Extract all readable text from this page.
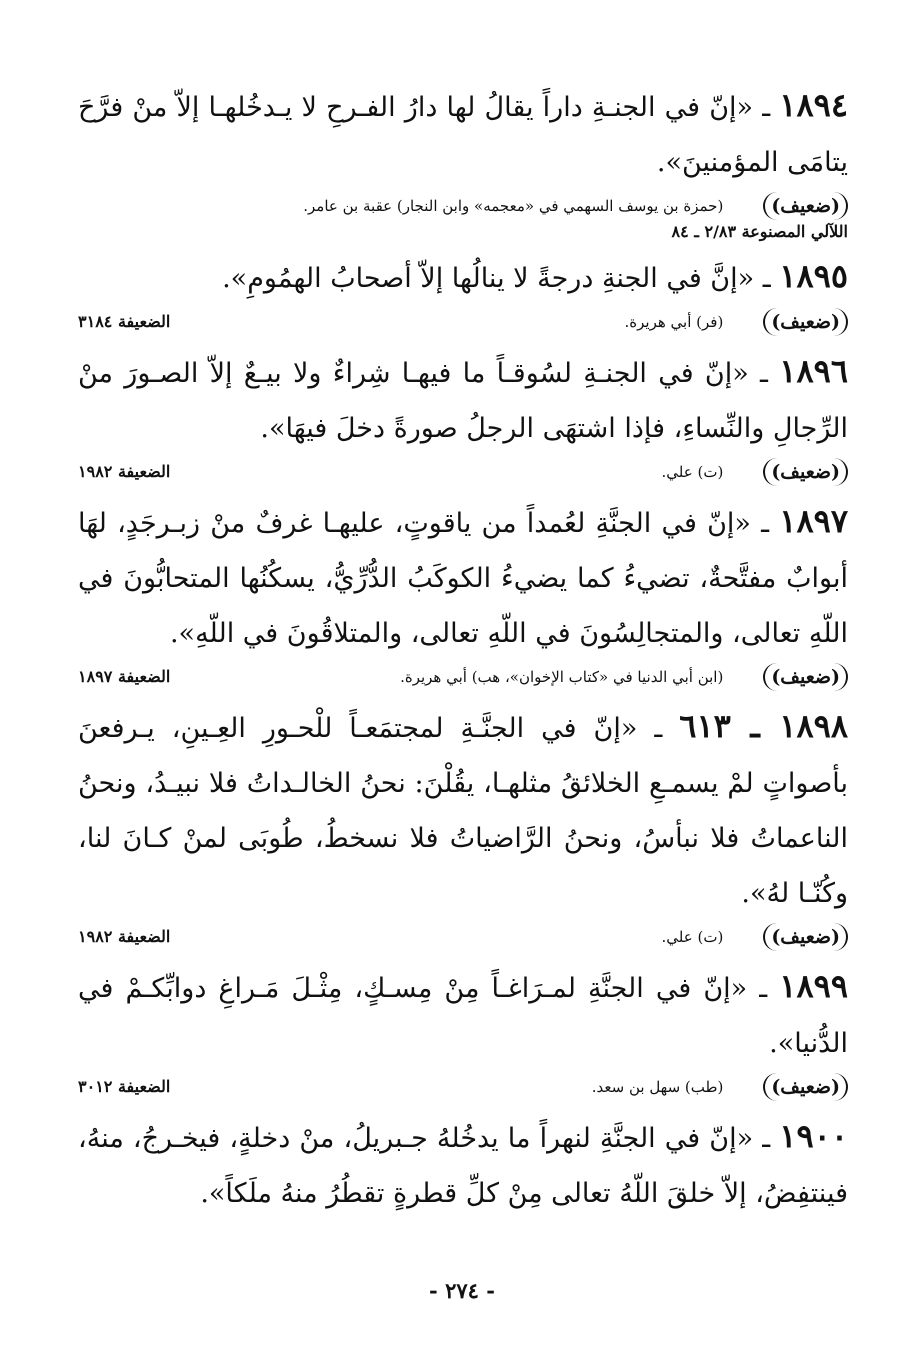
١٨٩٤ ـ «إنّ في الجنـةِ داراً يقالُ لها دارُ الفـرحِ لا يـدخُلهـا إلاّ منْ فرَّحَ يتامَى المؤمنينَ».

(ضعيف)
(حمزة بن يوسف السهمي في «معجمه» وابن النجار) عقبة بن عامر.
اللآلي المصنوعة ٢/٨٣ ـ ٨٤

١٨٩٥ ـ «إنَّ في الجنةِ درجةً لا ينالُها إلاّ أصحابُ الهمُومِ».

(ضعيف)
(فر) أبي هريرة.
الضعيفة ٣١٨٤

١٨٩٦ ـ «إنّ في الجنـةِ لسُوقـاً ما فيهـا شِراءٌ ولا بيـعٌ إلاّ الصـورَ منْ الرِّجالِ والنِّساءِ، فإذا اشتهَى الرجلُ صورةً دخلَ فيهَا».

(ضعيف)
(ت) علي.
الضعيفة ١٩٨٢

١٨٩٧ ـ «إنّ في الجنَّةِ لعُمداً من ياقوتٍ، عليهـا غرفٌ منْ زبـرجَدٍ، لهَا أبوابٌ مفتَّحةٌ، تضيءُ كما يضيءُ الكوكَبُ الدُّرِّيُّ، يسكُنُها المتحابُّونَ في اللّهِ تعالى، والمتجالِسُونَ في اللّهِ تعالى، والمتلاقُونَ في اللّهِ».

(ضعيف)
(ابن أبي الدنيا في «كتاب الإخوان»، هب) أبي هريرة.
الضعيفة ١٨٩٧

١٨٩٨ ـ ٦١٣ ـ «إنّ في الجنَّـةِ لمجتمَعـاً للْحـورِ العِـينِ، يـرفعنَ بأصواتٍ لمْ يسمـعِ الخلائقُ مثلهـا، يقُلْنَ: نحنُ الخالـداتُ فلا نبيـدُ، ونحنُ الناعماتُ فلا نبأسُ، ونحنُ الرَّاضياتُ فلا نسخطُ، طُوبَى لمنْ كـانَ لنا، وكُنّـا لهُ».

(ضعيف)
(ت) علي.
الضعيفة ١٩٨٢

١٨٩٩ ـ «إنّ في الجنَّةِ لمـرَاغـاً مِنْ مِسـكٍ، مِثْـلَ مَـراغِ دوابِّكـمْ في الدُّنيا».

(ضعيف)
(طب) سهل بن سعد.
الضعيفة ٣٠١٢

١٩٠٠ ـ «إنّ في الجنَّةِ لنهراً ما يدخُلهُ جـبريلُ، منْ دخلةٍ، فيخـرجُ، منهُ، فينتفِضُ، إلاّ خلقَ اللّهُ تعالى مِنْ كلِّ قطرةٍ تقطُرُ منهُ ملَكاً».

- ٢٧٤ -
